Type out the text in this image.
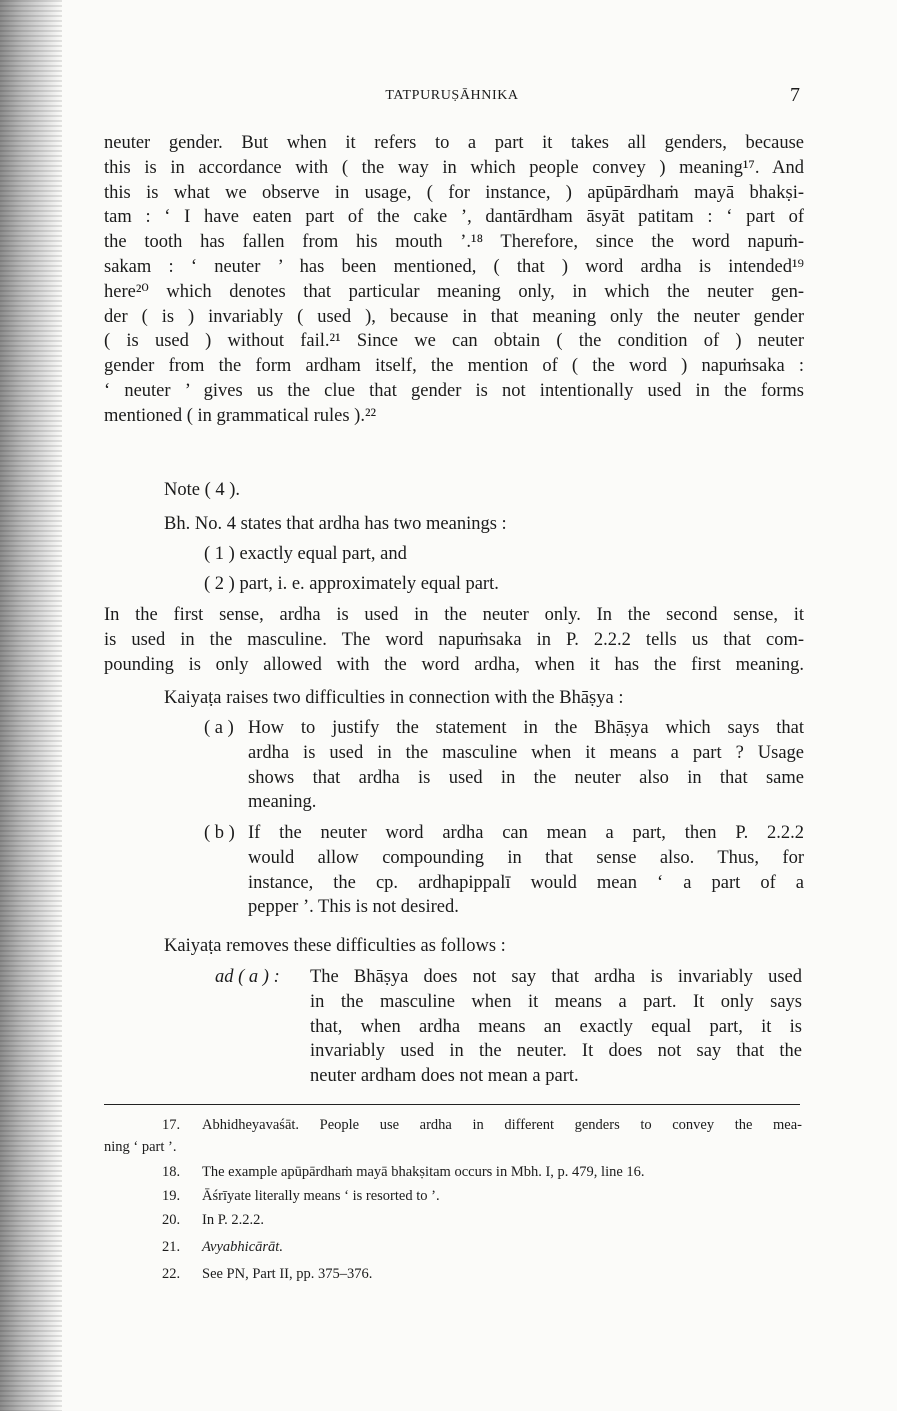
TATPURUṢĀHNIKA	7
neuter gender. But when it refers to a part it takes all genders, because
this is in accordance with ( the way in which people convey ) meaning¹⁷. And
this is what we observe in usage, ( for instance, ) apūpārdhaṁ mayā bhakṣi-
tam : ‘ I have eaten part of the cake ’, dantārdham āsyāt patitam : ‘ part of
the tooth has fallen from his mouth ’.¹⁸ Therefore, since the word napuṁ-
sakam : ‘ neuter ’ has been mentioned, ( that ) word ardha is intended¹⁹
here²⁰ which denotes that particular meaning only, in which the neuter gen-
der ( is ) invariably ( used ), because in that meaning only the neuter gender
( is used ) without fail.²¹ Since we can obtain ( the condition of ) neuter
gender from the form ardham itself, the mention of ( the word ) napuṁsaka :
‘ neuter ’ gives us the clue that gender is not intentionally used in the forms
mentioned ( in grammatical rules ).²²
Note ( 4 ).
Bh. No. 4 states that ardha has two meanings :
( 1 ) exactly equal part, and
( 2 ) part, i. e. approximately equal part.
In the first sense, ardha is used in the neuter only. In the second sense, it
is used in the masculine. The word napuṁsaka in P. 2.2.2 tells us that com-
pounding is only allowed with the word ardha, when it has the first meaning.
Kaiyaṭa raises two difficulties in connection with the Bhāṣya :
( a ) How to justify the statement in the Bhāṣya which says that
ardha is used in the masculine when it means a part ? Usage
shows that ardha is used in the neuter also in that same
meaning.
( b ) If the neuter word ardha can mean a part, then P. 2.2.2
would allow compounding in that sense also. Thus, for
instance, the cp. ardhapippalī would mean ‘ a part of a
pepper ’. This is not desired.
Kaiyaṭa removes these difficulties as follows :
ad ( a ) :	The Bhāṣya does not say that ardha is invariably used
in the masculine when it means a part. It only says
that, when ardha means an exactly equal part, it is
invariably used in the neuter. It does not say that the
neuter ardham does not mean a part.
17. Abhidheyavaśāt. People use ardha in different genders to convey the mea-
ning ‘ part ’.
18. The example apūpārdhaṁ mayā bhakṣitam occurs in Mbh. I, p. 479, line 16.
19. Āśrīyate literally means ‘ is resorted to ’.
20. In P. 2.2.2.
21. Avyabhicārāt.
22. See PN, Part II, pp. 375–376.
